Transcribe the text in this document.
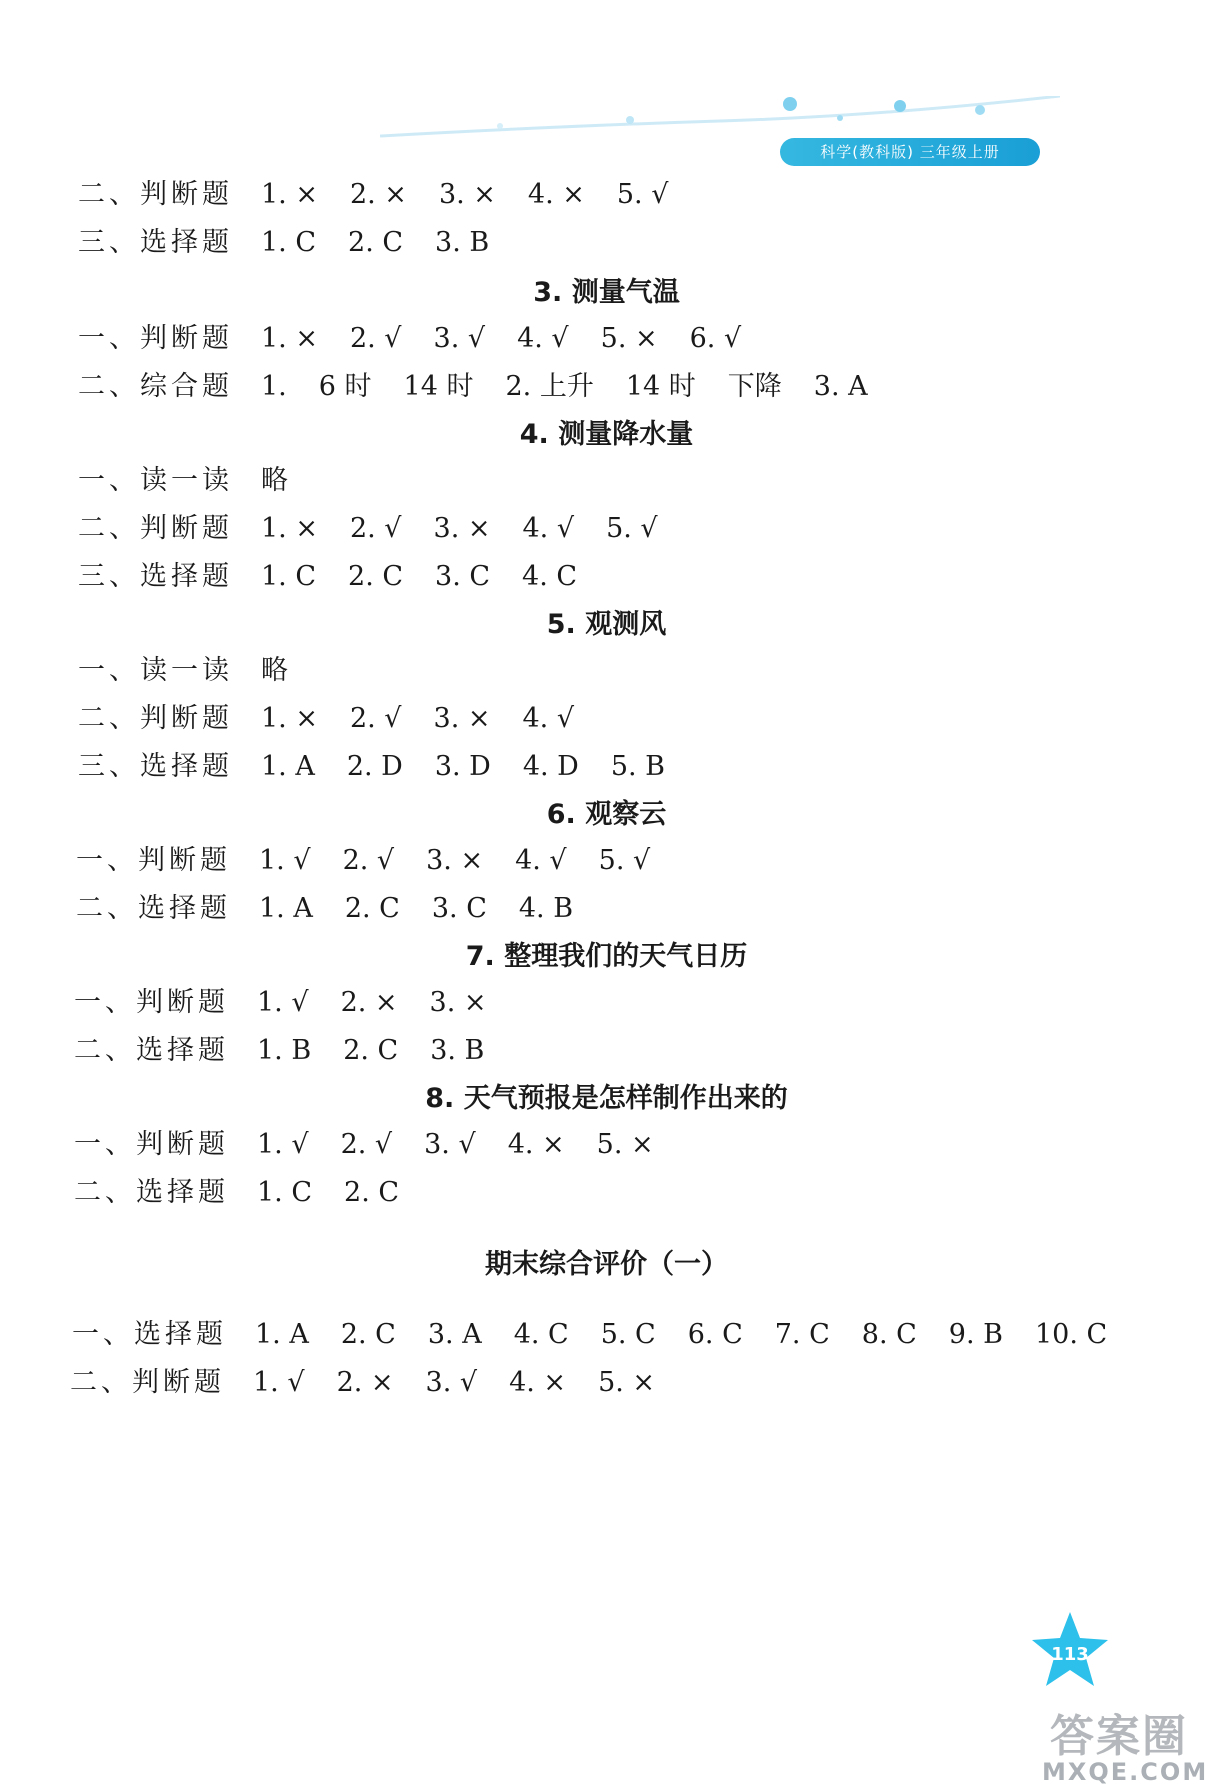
科学(教科版) 三年级上册
二、判断题 1. × 2. × 3. × 4. × 5. √
三、选择题 1. C 2. C 3. B
3. 测量气温
一、判断题 1. × 2. √ 3. √ 4. √ 5. × 6. √
二、综合题 1. 6 时 14 时 2. 上升 14 时 下降 3. A
4. 测量降水量
一、读一读 略
二、判断题 1. × 2. √ 3. × 4. √ 5. √
三、选择题 1. C 2. C 3. C 4. C
5. 观测风
一、读一读 略
二、判断题 1. × 2. √ 3. × 4. √
三、选择题 1. A 2. D 3. D 4. D 5. B
6. 观察云
一、判断题 1. √ 2. √ 3. × 4. √ 5. √
二、选择题 1. A 2. C 3. C 4. B
7. 整理我们的天气日历
一、判断题 1. √ 2. × 3. ×
二、选择题 1. B 2. C 3. B
8. 天气预报是怎样制作出来的
一、判断题 1. √ 2. √ 3. √ 4. × 5. ×
二、选择题 1. C 2. C
期末综合评价（一）
一、选择题 1. A 2. C 3. A 4. C 5. C 6. C 7. C 8. C 9. B 10. C
二、判断题 1. √ 2. × 3. √ 4. × 5. ×
113
答案圈
MXQE.COM
